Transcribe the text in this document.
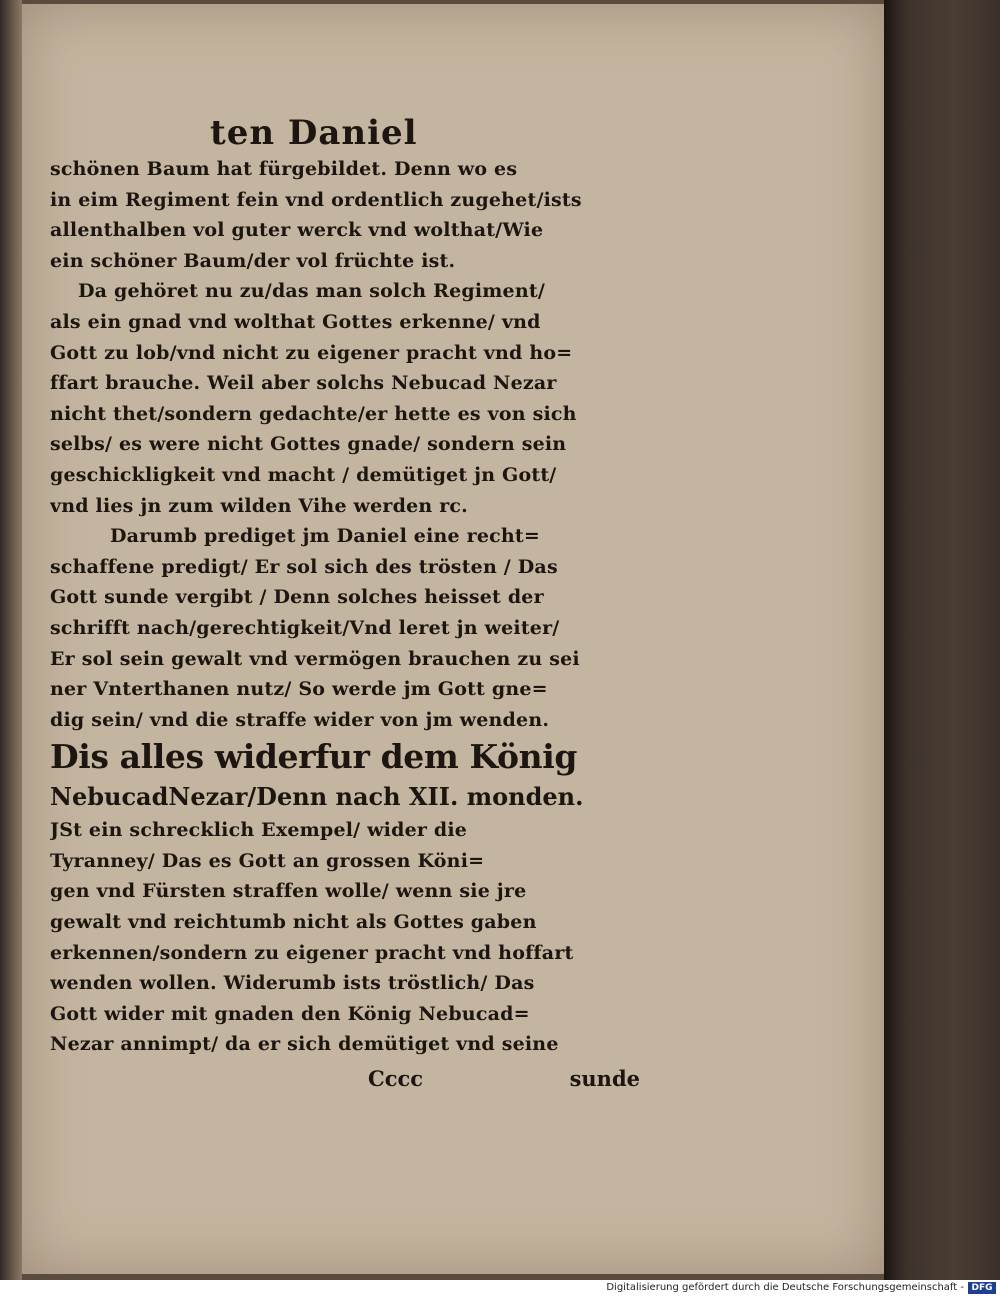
ten Daniel
schönen Baum hat fürgebildet. Denn wo es
in eim Regiment fein vnd ordentlich zugehet/ists
allenthalben vol guter werck vnd wolthat/Wie
ein schöner Baum/der vol früchte ist.
Da gehöret nu zu/das man solch Regiment/
als ein gnad vnd wolthat Gottes erkenne/ vnd
Gott zu lob/vnd nicht zu eigener pracht vnd ho=
ffart brauche. Weil aber solchs Nebucad Nezar
nicht thet/sondern gedachte/er hette es von sich
selbs/ es were nicht Gottes gnade/ sondern sein
geschickligkeit vnd macht / demütiget jn Gott/
vnd lies jn zum wilden Vihe werden rc.
Darumb prediget jm Daniel eine recht=
schaffene predigt/ Er sol sich des trösten / Das
Gott sunde vergibt / Denn solches heisset der
schrifft nach/gerechtigkeit/Vnd leret jn weiter/
Er sol sein gewalt vnd vermögen brauchen zu sei
ner Vnterthanen nutz/ So werde jm Gott gne=
dig sein/ vnd die straffe wider von jm wenden.
Dis alles widerfur dem König
NebucadNezar/Denn nach XII. monden.
JSt ein schrecklich Exempel/ wider die
Tyranney/ Das es Gott an grossen Köni=
gen vnd Fürsten straffen wolle/ wenn sie jre
gewalt vnd reichtumb nicht als Gottes gaben
erkennen/sondern zu eigener pracht vnd hoffart
wenden wollen. Widerumb ists tröstlich/ Das
Gott wider mit gnaden den König Nebucad=
Nezar annimpt/ da er sich demütiget vnd seine
Cccc	sunde
Digitalisierung gefördert durch die Deutsche Forschungsgemeinschaft - DFG
